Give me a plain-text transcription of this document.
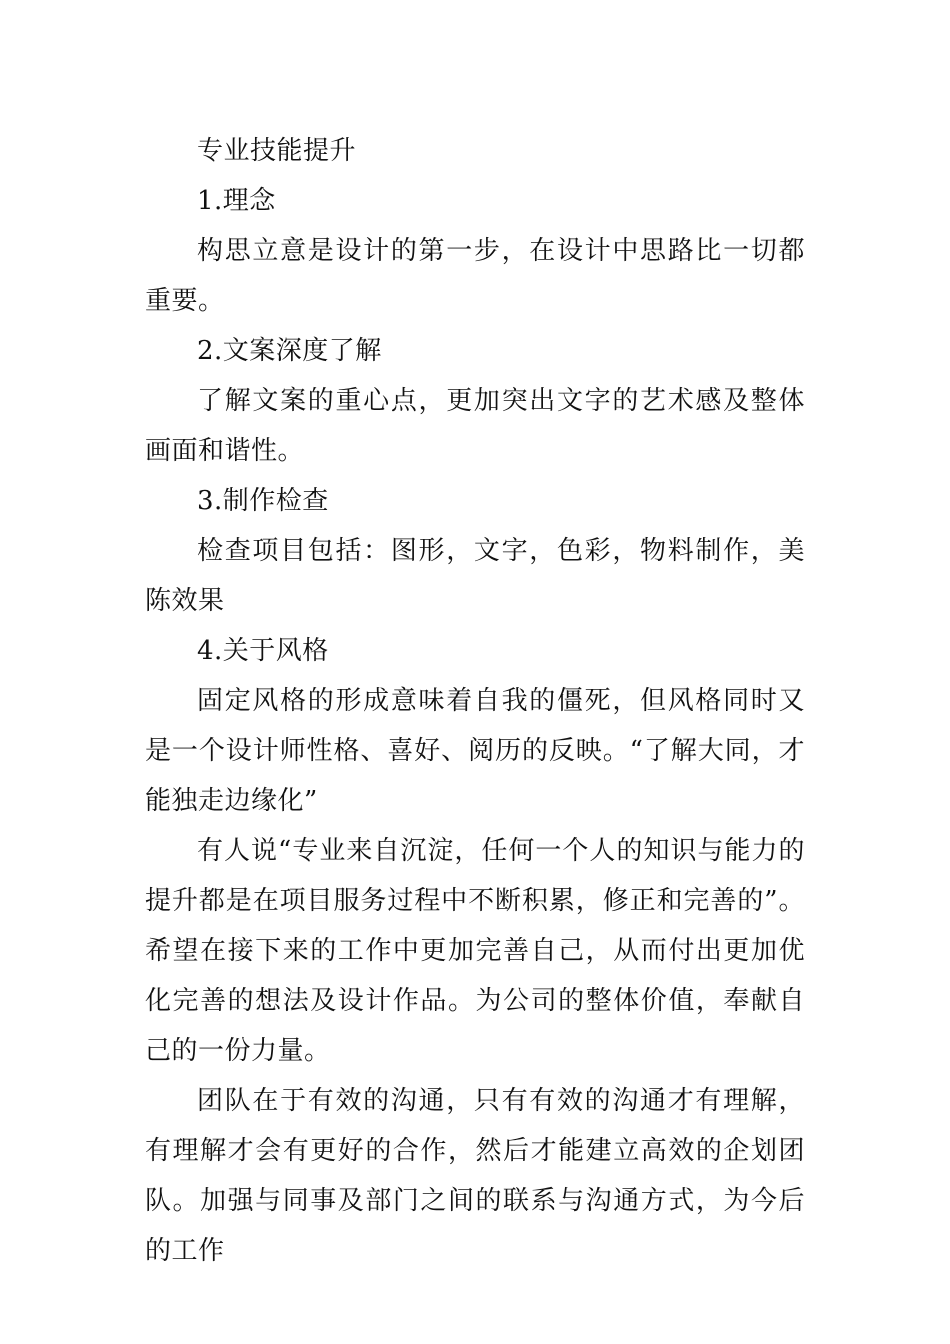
专业技能提升

1.理念

构思立意是设计的第一步，在设计中思路比一切都重要。

2.文案深度了解

了解文案的重心点，更加突出文字的艺术感及整体画面和谐性。

3.制作检查

检查项目包括：图形，文字，色彩，物料制作，美陈效果

4.关于风格

固定风格的形成意味着自我的僵死，但风格同时又是一个设计师性格、喜好、阅历的反映。“了解大同，才能独走边缘化”

有人说“专业来自沉淀，任何一个人的知识与能力的提升都是在项目服务过程中不断积累，修正和完善的”。希望在接下来的工作中更加完善自己，从而付出更加优化完善的想法及设计作品。为公司的整体价值，奉献自己的一份力量。

团队在于有效的沟通，只有有效的沟通才有理解，有理解才会有更好的合作，然后才能建立高效的企划团队。加强与同事及部门之间的联系与沟通方式，为今后的工作
